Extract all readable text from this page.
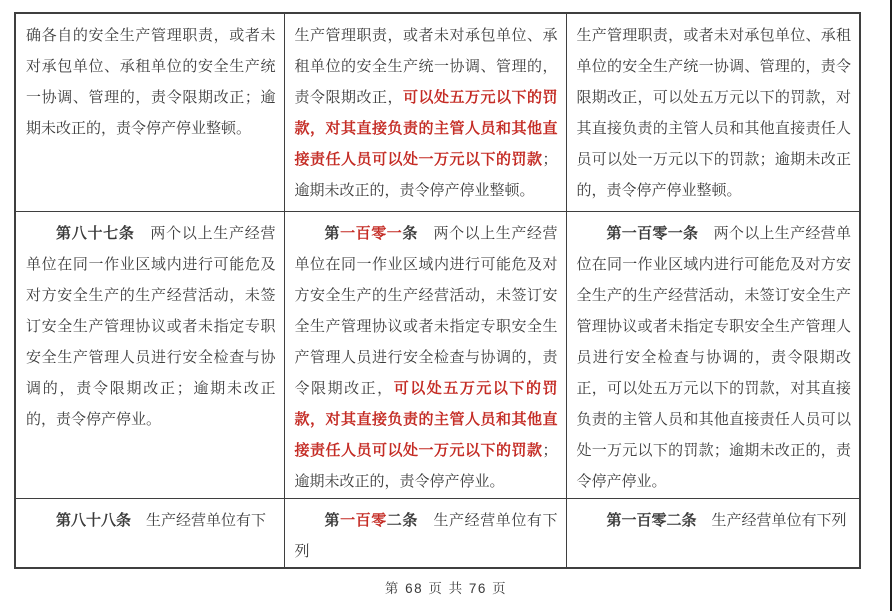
确各自的安全生产管理职责，或者未对承包单位、承租单位的安全生产统一协调、管理的，责令限期改正；逾期未改正的，责令停产停业整顿。	生产管理职责，或者未对承包单位、承租单位的安全生产统一协调、管理的，责令限期改正，可以处五万元以下的罚款，对其直接负责的主管人员和其他直接责任人员可以处一万元以下的罚款；逾期未改正的，责令停产停业整顿。	生产管理职责，或者未对承包单位、承租单位的安全生产统一协调、管理的，责令限期改正，可以处五万元以下的罚款，对其直接负责的主管人员和其他直接责任人员可以处一万元以下的罚款；逾期未改正的，责令停产停业整顿。

第八十七条　两个以上生产经营单位在同一作业区域内进行可能危及对方安全生产的生产经营活动，未签订安全生产管理协议或者未指定专职安全生产管理人员进行安全检查与协调的，责令限期改正；逾期未改正的，责令停产停业。	第一百零一条　两个以上生产经营单位在同一作业区域内进行可能危及对方安全生产的生产经营活动，未签订安全生产管理协议或者未指定专职安全生产管理人员进行安全检查与协调的，责令限期改正，可以处五万元以下的罚款，对其直接负责的主管人员和其他直接责任人员可以处一万元以下的罚款；逾期未改正的，责令停产停业。	第一百零一条　两个以上生产经营单位在同一作业区域内进行可能危及对方安全生产的生产经营活动，未签订安全生产管理协议或者未指定专职安全生产管理人员进行安全检查与协调的，责令限期改正，可以处五万元以下的罚款，对其直接负责的主管人员和其他直接责任人员可以处一万元以下的罚款；逾期未改正的，责令停产停业。

第八十八条　生产经营单位有下	第一百零二条　生产经营单位有下列	第一百零二条　生产经营单位有下列

第 68 页 共 76 页
